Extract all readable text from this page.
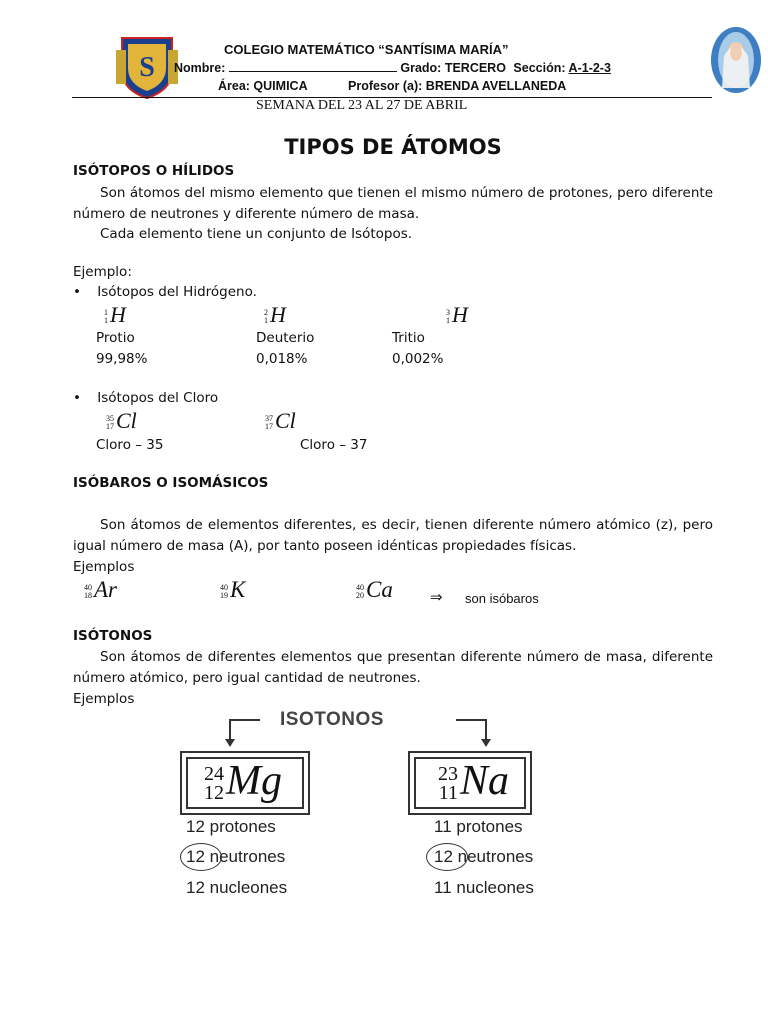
S
COLEGIO MATEMÁTICO “SANTÍSIMA MARÍA”
Nombre:	Grado: TERCERO Sección: A-1-2-3
Área: QUIMICA	Profesor (a): BRENDA AVELLANEDA
SEMANA DEL 23 AL 27 DE ABRIL
TIPOS DE ÁTOMOS
ISÓTOPOS O HÍLIDOS
Son átomos del mismo elemento que tienen el mismo número de protones, pero diferente número de neutrones y diferente número de masa.
Cada elemento tiene un conjunto de Isótopos.
Ejemplo:
• Isótopos del Hidrógeno.
1
1H	2
1H	3
1H
Protio	Deuterio	Tritio
99,98%	0,018%	0,002%
• Isótopos del Cloro
35
17Cl	37
17Cl
Cloro – 35	Cloro – 37
ISÓBAROS O ISOMÁSICOS
Son átomos de elementos diferentes, es decir, tienen diferente número atómico (z), pero igual número de masa (A), por tanto poseen idénticas propiedades físicas.
Ejemplos
40
18Ar	40
19K	40
20Ca ⇒ son isóbaros
ISÓTONOS
Son átomos de diferentes elementos que presentan diferente número de masa, diferente número atómico, pero igual cantidad de neutrones.
Ejemplos
ISOTONOS
24
12Mg	23
11Na
12 protones
12 neutrones
12 nucleones
11 protones
12 neutrones
11 nucleones
